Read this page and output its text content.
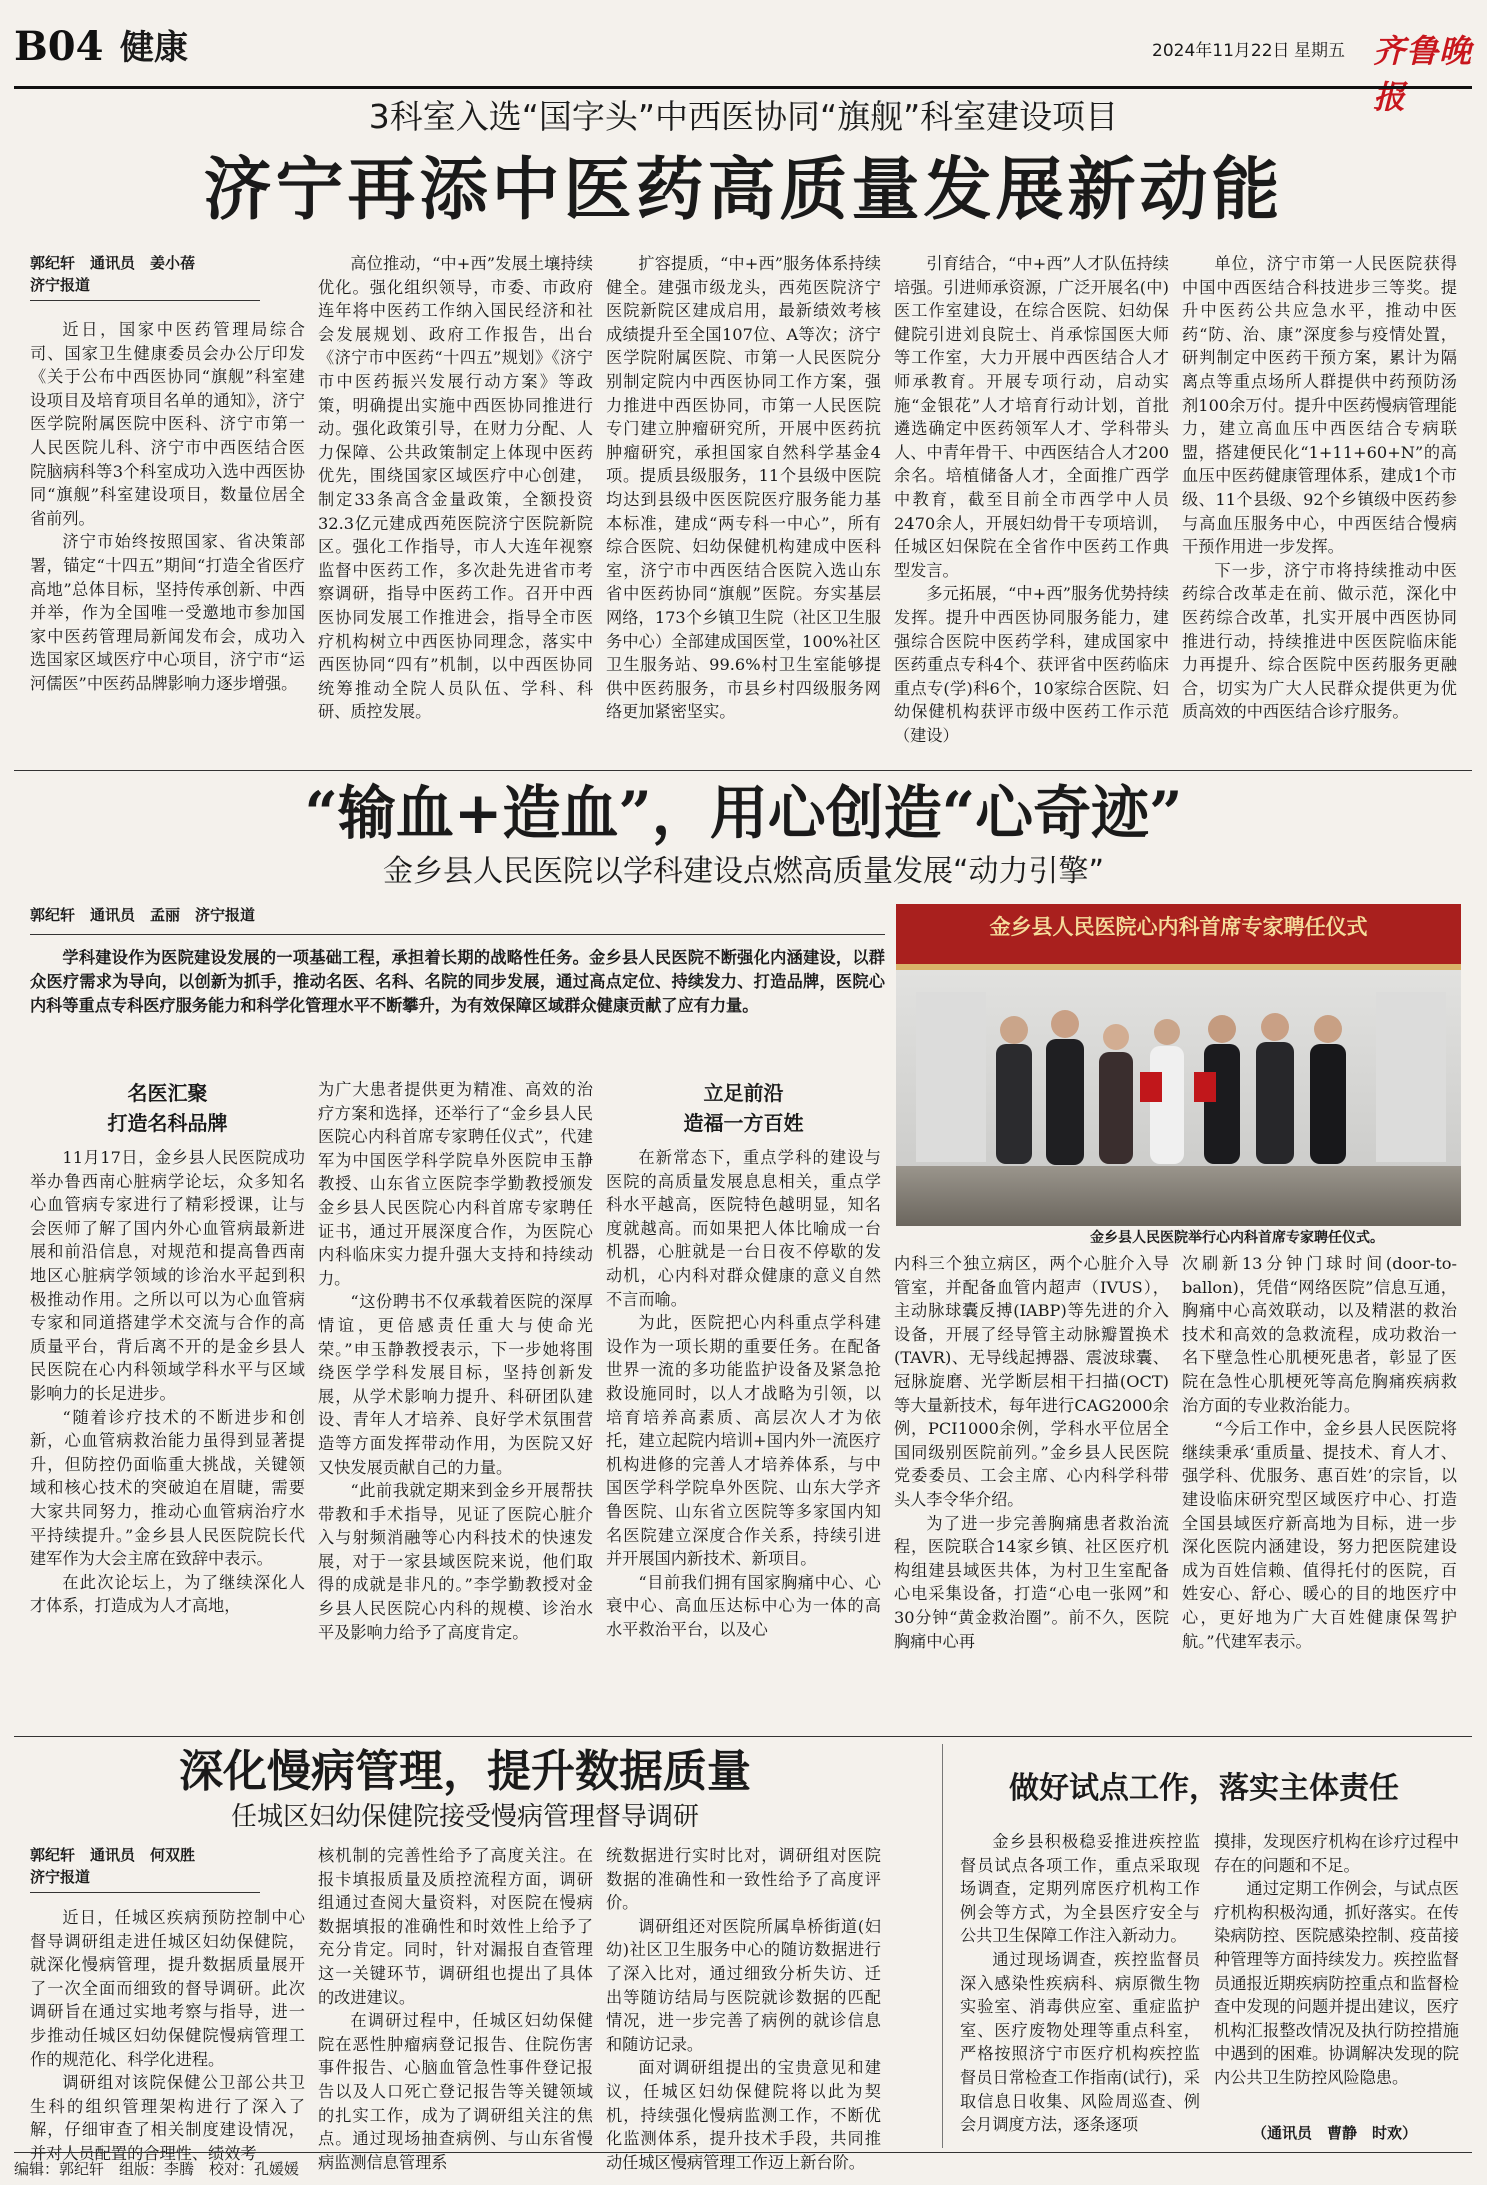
B04 健康	2024年11月22日 星期五 齐鲁晚报
3科室入选“国字头”中西医协同“旗舰”科室建设项目
济宁再添中医药高质量发展新动能
郭纪轩　通讯员　姜小蓓
济宁报道

近日，国家中医药管理局综合司、国家卫生健康委员会办公厅印发《关于公布中西医协同“旗舰”科室建设项目及培育项目名单的通知》，济宁医学院附属医院中医科、济宁市第一人民医院儿科、济宁市中西医结合医院脑病科等3个科室成功入选中西医协同“旗舰”科室建设项目，数量位居全省前列。

济宁市始终按照国家、省决策部署，锚定“十四五”期间“打造全省医疗高地”总体目标，坚持传承创新、中西并举，作为全国唯一受邀地市参加国家中医药管理局新闻发布会，成功入选国家区域医疗中心项目，济宁市“运河儒医”中医药品牌影响力逐步增强。

高位推动，“中+西”发展土壤持续优化。强化组织领导，市委、市政府连年将中医药工作纳入国民经济和社会发展规划、政府工作报告，出台《济宁市中医药“十四五”规划》《济宁市中医药振兴发展行动方案》等政策，明确提出实施中西医协同推进行动。强化政策引导，在财力分配、人力保障、公共政策制定上体现中医药优先，围绕国家区域医疗中心创建，制定33条高含金量政策，全额投资32.3亿元建成西苑医院济宁医院新院区。强化工作指导，市人大连年视察监督中医药工作，多次赴先进省市考察调研，指导中医药工作。召开中西医协同发展工作推进会，指导全市医疗机构树立中西医协同理念，落实中西医协同“四有”机制，以中西医协同统筹推动全院人员队伍、学科、科研、质控发展。

扩容提质，“中+西”服务体系持续健全。建强市级龙头，西苑医院济宁医院新院区建成启用，最新绩效考核成绩提升至全国107位、A等次；济宁医学院附属医院、市第一人民医院分别制定院内中西医协同工作方案，强力推进中西医协同，市第一人民医院专门建立肿瘤研究所，开展中医药抗肿瘤研究，承担国家自然科学基金4项。提质县级服务，11个县级中医院均达到县级中医医院医疗服务能力基本标准，建成“两专科一中心”，所有综合医院、妇幼保健机构建成中医科室，济宁市中西医结合医院入选山东省中医药协同“旗舰”医院。夯实基层网络，173个乡镇卫生院（社区卫生服务中心）全部建成国医堂，100%社区卫生服务站、99.6%村卫生室能够提供中医药服务，市县乡村四级服务网络更加紧密坚实。

引育结合，“中+西”人才队伍持续培强。引进师承资源，广泛开展名(中)医工作室建设，在综合医院、妇幼保健院引进刘良院士、肖承悰国医大师等工作室，大力开展中西医结合人才师承教育。开展专项行动，启动实施“金银花”人才培育行动计划，首批遴选确定中医药领军人才、学科带头人、中青年骨干、中西医结合人才200余名。培植储备人才，全面推广西学中教育，截至目前全市西学中人员2470余人，开展妇幼骨干专项培训，任城区妇保院在全省作中医药工作典型发言。

多元拓展，“中+西”服务优势持续发挥。提升中西医协同服务能力，建强综合医院中医药学科，建成国家中医药重点专科4个、获评省中医药临床重点专(学)科6个，10家综合医院、妇幼保健机构获评市级中医药工作示范（建设）

单位，济宁市第一人民医院获得中国中西医结合科技进步三等奖。提升中医药公共应急水平，推动中医药“防、治、康”深度参与疫情处置，研判制定中医药干预方案，累计为隔离点等重点场所人群提供中药预防汤剂100余万付。提升中医药慢病管理能力，建立高血压中西医结合专病联盟，搭建便民化“1+11+60+N”的高血压中医药健康管理体系，建成1个市级、11个县级、92个乡镇级中医药参与高血压服务中心，中西医结合慢病干预作用进一步发挥。

下一步，济宁市将持续推动中医药综合改革走在前、做示范，深化中医药综合改革，扎实开展中西医协同推进行动，持续推进中医医院临床能力再提升、综合医院中医药服务更融合，切实为广大人民群众提供更为优质高效的中西医结合诊疗服务。

“输血+造血”，用心创造“心奇迹”
金乡县人民医院以学科建设点燃高质量发展“动力引擎”
郭纪轩　通讯员　孟丽　济宁报道
学科建设作为医院建设发展的一项基础工程，承担着长期的战略性任务。金乡县人民医院不断强化内涵建设，以群众医疗需求为导向，以创新为抓手，推动名医、名科、名院的同步发展，通过高点定位、持续发力、打造品牌，医院心内科等重点专科医疗服务能力和科学化管理水平不断攀升，为有效保障区域群众健康贡献了应有力量。
金乡县人民医院心内科首席专家聘任仪式
金乡县人民医院举行心内科首席专家聘任仪式。

名医汇聚

打造名科品牌

11月17日，金乡县人民医院成功举办鲁西南心脏病学论坛，众多知名心血管病专家进行了精彩授课，让与会医师了解了国内外心血管病最新进展和前沿信息，对规范和提高鲁西南地区心脏病学领域的诊治水平起到积极推动作用。之所以可以为心血管病专家和同道搭建学术交流与合作的高质量平台，背后离不开的是金乡县人民医院在心内科领域学科水平与区域影响力的长足进步。

“随着诊疗技术的不断进步和创新，心血管病救治能力虽得到显著提升，但防控仍面临重大挑战，关键领域和核心技术的突破迫在眉睫，需要大家共同努力，推动心血管病治疗水平持续提升。”金乡县人民医院院长代建军作为大会主席在致辞中表示。

在此次论坛上，为了继续深化人才体系，打造成为人才高地，

为广大患者提供更为精准、高效的治疗方案和选择，还举行了“金乡县人民医院心内科首席专家聘任仪式”，代建军为中国医学科学院阜外医院申玉静教授、山东省立医院李学勤教授颁发金乡县人民医院心内科首席专家聘任证书，通过开展深度合作，为医院心内科临床实力提升强大支持和持续动力。

“这份聘书不仅承载着医院的深厚情谊，更倍感责任重大与使命光荣。”申玉静教授表示，下一步她将围绕医学学科发展目标，坚持创新发展，从学术影响力提升、科研团队建设、青年人才培养、良好学术氛围营造等方面发挥带动作用，为医院又好又快发展贡献自己的力量。

“此前我就定期来到金乡开展帮扶带教和手术指导，见证了医院心脏介入与射频消融等心内科技术的快速发展，对于一家县域医院来说，他们取得的成就是非凡的。”李学勤教授对金乡县人民医院心内科的规模、诊治水平及影响力给予了高度肯定。

立足前沿

造福一方百姓

在新常态下，重点学科的建设与医院的高质量发展息息相关，重点学科水平越高，医院特色越明显，知名度就越高。而如果把人体比喻成一台机器，心脏就是一台日夜不停歇的发动机，心内科对群众健康的意义自然不言而喻。

为此，医院把心内科重点学科建设作为一项长期的重要任务。在配备世界一流的多功能监护设备及紧急抢救设施同时，以人才战略为引领，以培育培养高素质、高层次人才为依托，建立起院内培训+国内外一流医疗机构进修的完善人才培养体系，与中国医学科学院阜外医院、山东大学齐鲁医院、山东省立医院等多家国内知名医院建立深度合作关系，持续引进并开展国内新技术、新项目。

“目前我们拥有国家胸痛中心、心衰中心、高血压达标中心为一体的高水平救治平台，以及心

内科三个独立病区，两个心脏介入导管室，并配备血管内超声（IVUS），主动脉球囊反搏(IABP)等先进的介入设备，开展了经导管主动脉瓣置换术(TAVR)、无导线起搏器、震波球囊、冠脉旋磨、光学断层相干扫描(OCT)等大量新技术，每年进行CAG2000余例，PCI1000余例，学科水平位居全国同级别医院前列。”金乡县人民医院党委委员、工会主席、心内科学科带头人李令华介绍。

为了进一步完善胸痛患者救治流程，医院联合14家乡镇、社区医疗机构组建县域医共体，为村卫生室配备心电采集设备，打造“心电一张网”和30分钟“黄金救治圈”。前不久，医院胸痛中心再

次刷新13分钟门球时间(door-to-ballon)，凭借“网络医院”信息互通，胸痛中心高效联动，以及精湛的救治技术和高效的急救流程，成功救治一名下壁急性心肌梗死患者，彰显了医院在急性心肌梗死等高危胸痛疾病救治方面的专业救治能力。

“今后工作中，金乡县人民医院将继续秉承‘重质量、提技术、育人才、强学科、优服务、惠百姓’的宗旨，以建设临床研究型区域医疗中心、打造全国县域医疗新高地为目标，进一步深化医院内涵建设，努力把医院建设成为百姓信赖、值得托付的医院，百姓安心、舒心、暖心的目的地医疗中心，更好地为广大百姓健康保驾护航。”代建军表示。

深化慢病管理，提升数据质量
任城区妇幼保健院接受慢病管理督导调研
郭纪轩　通讯员　何双胜
济宁报道

近日，任城区疾病预防控制中心督导调研组走进任城区妇幼保健院，就深化慢病管理，提升数据质量展开了一次全面而细致的督导调研。此次调研旨在通过实地考察与指导，进一步推动任城区妇幼保健院慢病管理工作的规范化、科学化进程。

调研组对该院保健公卫部公共卫生科的组织管理架构进行了深入了解，仔细审查了相关制度建设情况，并对人员配置的合理性、绩效考

核机制的完善性给予了高度关注。在报卡填报质量及质控流程方面，调研组通过查阅大量资料，对医院在慢病数据填报的准确性和时效性上给予了充分肯定。同时，针对漏报自查管理这一关键环节，调研组也提出了具体的改进建议。

在调研过程中，任城区妇幼保健院在恶性肿瘤病登记报告、住院伤害事件报告、心脑血管急性事件登记报告以及人口死亡登记报告等关键领域的扎实工作，成为了调研组关注的焦点。通过现场抽查病例、与山东省慢病监测信息管理系

统数据进行实时比对，调研组对医院数据的准确性和一致性给予了高度评价。

调研组还对医院所属阜桥街道(妇幼)社区卫生服务中心的随访数据进行了深入比对，通过细致分析失访、迁出等随访结局与医院就诊数据的匹配情况，进一步完善了病例的就诊信息和随访记录。

面对调研组提出的宝贵意见和建议，任城区妇幼保健院将以此为契机，持续强化慢病监测工作，不断优化监测体系，提升技术手段，共同推动任城区慢病管理工作迈上新台阶。

做好试点工作，落实主体责任

金乡县积极稳妥推进疾控监督员试点各项工作，重点采取现场调查，定期列席医疗机构工作例会等方式，为全县医疗安全与公共卫生保障工作注入新动力。

通过现场调查，疾控监督员深入感染性疾病科、病原微生物实验室、消毒供应室、重症监护室、医疗废物处理等重点科室，严格按照济宁市医疗机构疾控监督员日常检查工作指南(试行)，采取信息日收集、风险周巡查、例会月调度方法，逐条逐项

摸排，发现医疗机构在诊疗过程中存在的问题和不足。

通过定期工作例会，与试点医疗机构积极沟通，抓好落实。在传染病防控、医院感染控制、疫苗接种管理等方面持续发力。疾控监督员通报近期疾病防控重点和监督检查中发现的问题并提出建议，医疗机构汇报整改情况及执行防控措施中遇到的困难。协调解决发现的院内公共卫生防控风险隐患。

（通讯员　曹静　时欢）
编辑：郭纪轩　组版：李腾　校对：孔媛媛
